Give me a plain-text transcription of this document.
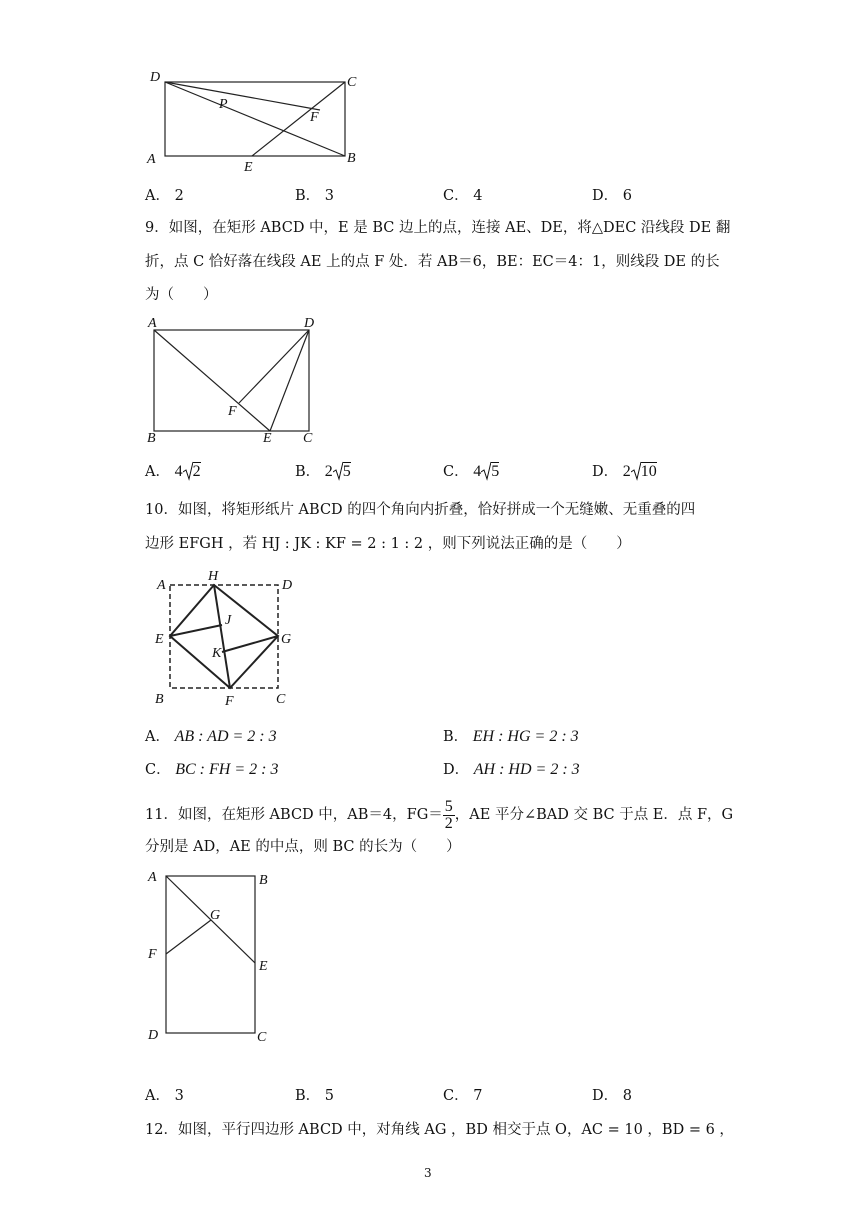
D	C
P
F
A
E
B
A． 2	B． 3	C． 4	D． 6
9．如图，在矩形 ABCD 中，E 是 BC 边上的点，连接 AE、DE，将△DEC 沿线段 DE 翻
折，点 C 恰好落在线段 AE 上的点 F 处．若 AB＝6，BE：EC＝4：1，则线段 DE 的长
为（　　）
A	D
F
B	E C
A． 4 2	B． 2 5	C． 4 5	D． 2 10
10．如图，将矩形纸片 ABCD 的四个角向内折叠，恰好拼成一个无缝嫩、无重叠的四
边形 EFGH ，若 HJ : JK : KF = 2 : 1 : 2 ，则下列说法正确的是（　　）
A
H
D
J
E	G
K
B	F	C
A． AB : AD = 2 : 3	B． EH : HG = 2 : 3
C． BC : FH = 2 : 3	D． AH : HD = 2 : 3
11．如图，在矩形 ABCD 中，AB＝4，$FG= \frac{5}{2}$ ，AE 平分∠BAD 交 BC 于点 E．点 F，G
分别是 AD，AE 的中点，则 BC 的长为（　　）
A	B
G
F
E
D	C
A． 3	B． 5	C． 7	D． 8
12．如图，平行四边形 ABCD 中，对角线 AG ，BD 相交于点 O，AC = 10 ，BD = 6 ，
3
